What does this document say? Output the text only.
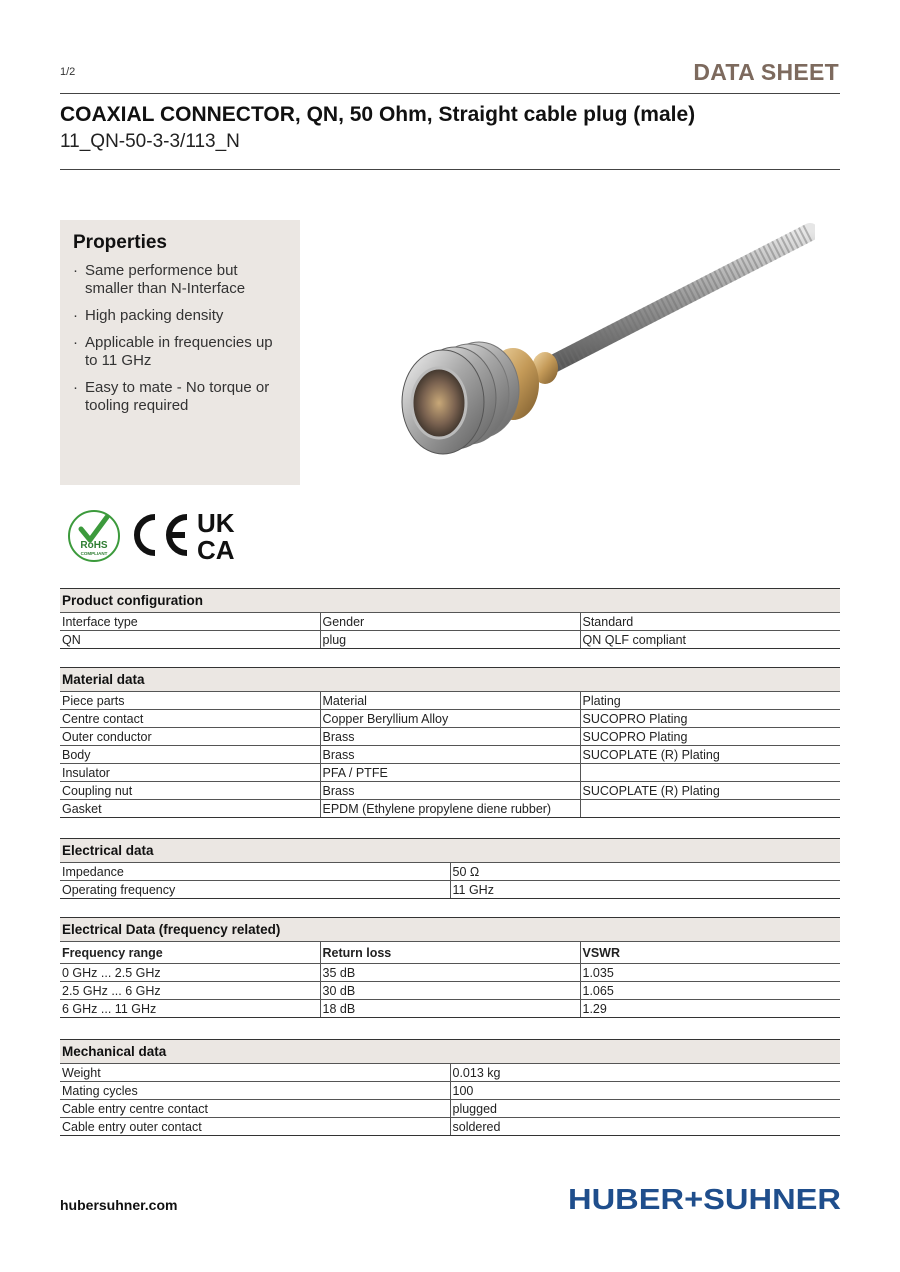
1/2	DATA SHEET
COAXIAL CONNECTOR, QN, 50 Ohm, Straight cable plug (male)
11_QN-50-3-3/113_N
Properties
· Same performence but smaller than N-Interface
· High packing density
· Applicable in frequencies up to 11 GHz
· Easy to mate - No torque or tooling required
RoHS
COMPLIANT
UK
CA
Product configuration		
Interface type	Gender	Standard
QN	plug	QN QLF compliant
Material data		
Piece parts	Material	Plating
Centre contact	Copper Beryllium Alloy	SUCOPRO Plating
Outer conductor	Brass	SUCOPRO Plating
Body	Brass	SUCOPLATE (R) Plating
Insulator	PFA / PTFE	
Coupling nut	Brass	SUCOPLATE (R) Plating
Gasket	EPDM (Ethylene propylene diene rubber)	
Electrical data	
Impedance	50 Ω
Operating frequency	11 GHz
Electrical Data (frequency related)		
Frequency range	Return loss	VSWR
0 GHz ... 2.5 GHz	35 dB	1.035
2.5 GHz ... 6 GHz	30 dB	1.065
6 GHz ... 11 GHz	18 dB	1.29
Mechanical data	
Weight	0.013 kg
Mating cycles	100
Cable entry centre contact	plugged
Cable entry outer contact	soldered
hubersuhner.com	HUBER+SUHNER
